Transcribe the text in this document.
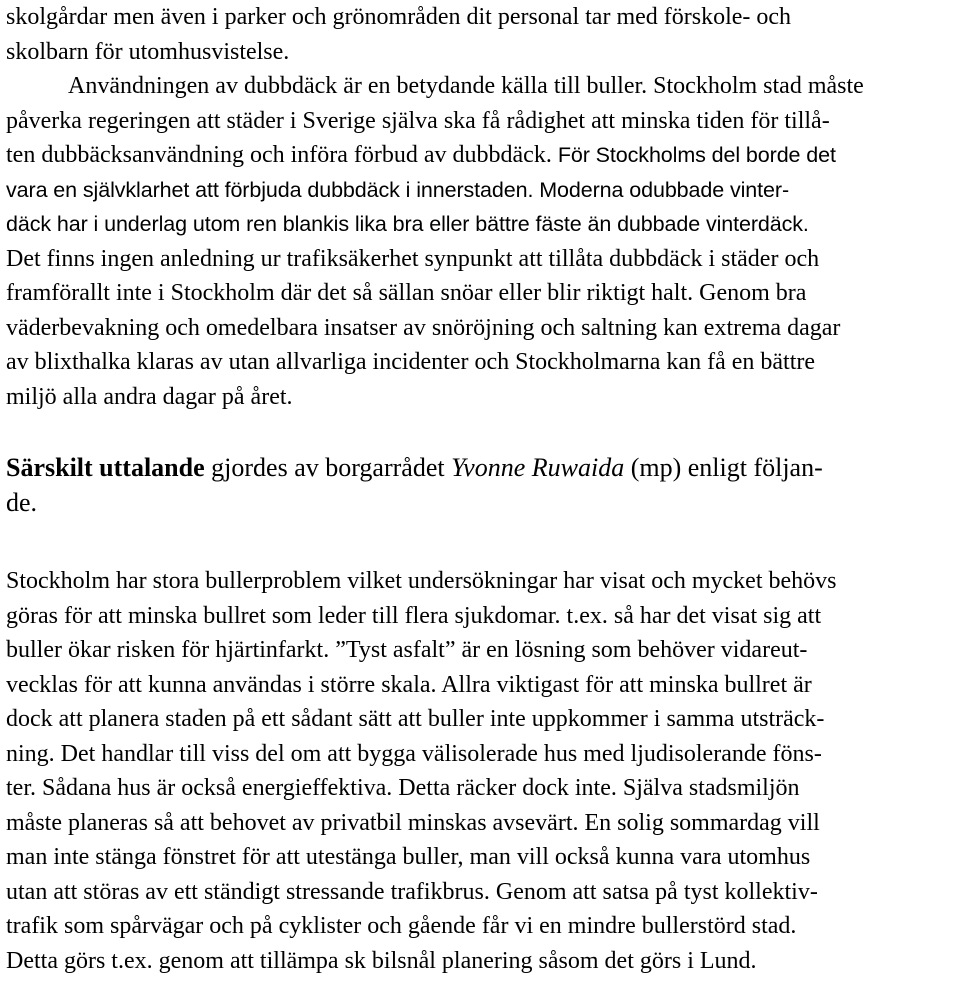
skolgårdar men även i parker och grönområden dit personal tar med förskole- och
skolbarn för utomhusvistelse.
Användningen av dubbdäck är en betydande källa till buller. Stockholm stad måste
påverka regeringen att städer i Sverige själva ska få rådighet att minska tiden för tillå-
ten dubbäcksanvändning och införa förbud av dubbdäck. För Stockholms del borde det
vara en självklarhet att förbjuda dubbdäck i innerstaden. Moderna odubbade vinter-
däck har i underlag utom ren blankis lika bra eller bättre fäste än dubbade vinterdäck.
Det finns ingen anledning ur trafiksäkerhet synpunkt att tillåta dubbdäck i städer och
framförallt inte i Stockholm där det så sällan snöar eller blir riktigt halt. Genom bra
väderbevakning och omedelbara insatser av snöröjning och saltning kan extrema dagar
av blixthalka klaras av utan allvarliga incidenter och Stockholmarna kan få en bättre
miljö alla andra dagar på året.
Särskilt uttalande gjordes av borgarrådet Yvonne Ruwaida (mp) enligt följan-
de.
Stockholm har stora bullerproblem vilket undersökningar har visat och mycket behövs
göras för att minska bullret som leder till flera sjukdomar. t.ex. så har det visat sig att
buller ökar risken för hjärtinfarkt. ”Tyst asfalt” är en lösning som behöver vidareut-
vecklas för att kunna användas i större skala. Allra viktigast för att minska bullret är
dock att planera staden på ett sådant sätt att buller inte uppkommer i samma utsträck-
ning. Det handlar till viss del om att bygga välisolerade hus med ljudisolerande föns-
ter. Sådana hus är också energieffektiva. Detta räcker dock inte. Själva stadsmiljön
måste planeras så att behovet av privatbil minskas avsevärt. En solig sommardag vill
man inte stänga fönstret för att utestänga buller, man vill också kunna vara utomhus
utan att störas av ett ständigt stressande trafikbrus. Genom att satsa på tyst kollektiv-
trafik som spårvägar och på cyklister och gående får vi en mindre bullerstörd stad.
Detta görs t.ex. genom att tillämpa sk bilsnål planering såsom det görs i Lund.
